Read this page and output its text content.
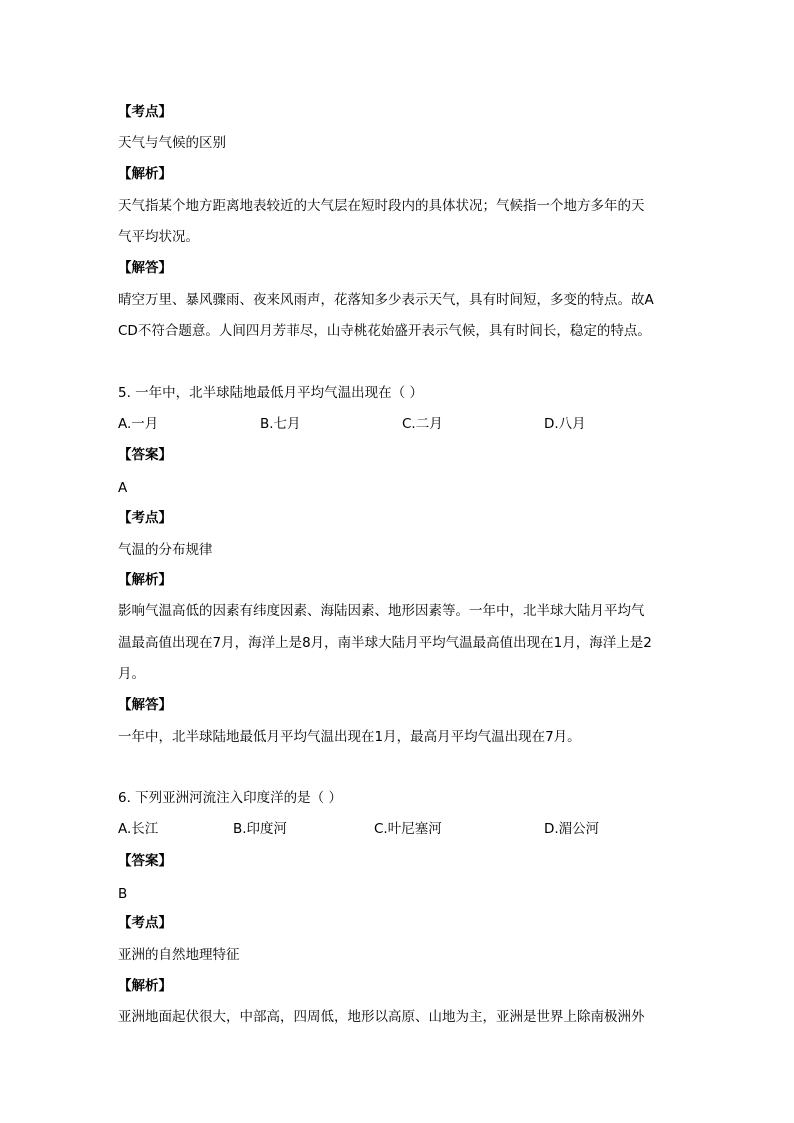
【考点】
天气与气候的区别
【解析】
天气指某个地方距离地表较近的大气层在短时段内的具体状况；气候指一个地方多年的天
气平均状况。
【解答】
晴空万里、暴风骤雨、夜来风雨声，花落知多少表示天气，具有时间短，多变的特点。故A
CD不符合题意。人间四月芳菲尽，山寺桃花始盛开表示气候，具有时间长，稳定的特点。
5. 一年中，北半球陆地最低月平均气温出现在（ ）
A.一月	B.七月	C.二月	D.八月
【答案】
A
【考点】
气温的分布规律
【解析】
影响气温高低的因素有纬度因素、海陆因素、地形因素等。一年中，北半球大陆月平均气
温最高值出现在7月，海洋上是8月，南半球大陆月平均气温最高值出现在1月，海洋上是2
月。
【解答】
一年中，北半球陆地最低月平均气温出现在1月，最高月平均气温出现在7月。
6. 下列亚洲河流注入印度洋的是（ ）
A.长江	B.印度河	C.叶尼塞河	D.湄公河
【答案】
B
【考点】
亚洲的自然地理特征
【解析】
亚洲地面起伏很大，中部高，四周低，地形以高原、山地为主，亚洲是世界上除南极洲外
